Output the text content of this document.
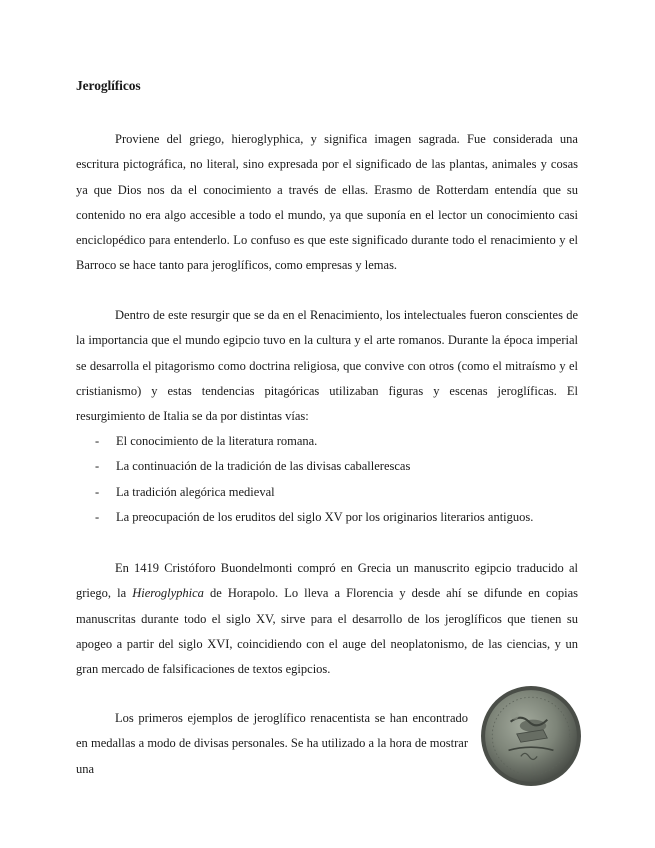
Jeroglíficos

Proviene del griego, hieroglyphica, y significa imagen sagrada. Fue considerada una escritura pictográfica, no literal, sino expresada por el significado de las plantas, animales y cosas ya que Dios nos da el conocimiento a través de ellas. Erasmo de Rotterdam entendía que su contenido no era algo accesible a todo el mundo, ya que suponía en el lector un conocimiento casi enciclopédico para entenderlo. Lo confuso es que este significado durante todo el renacimiento y el Barroco se hace tanto para jeroglíficos, como empresas y lemas.

Dentro de este resurgir que se da en el Renacimiento, los intelectuales fueron conscientes de la importancia que el mundo egipcio tuvo en la cultura y el arte romanos. Durante la época imperial se desarrolla el pitagorismo como doctrina religiosa, que convive con otros (como el mitraísmo y el cristianismo) y estas tendencias pitagóricas utilizaban figuras y escenas jeroglíficas. El resurgimiento de Italia se da por distintas vías:

- El conocimiento de la literatura romana.
- La continuación de la tradición de las divisas caballerescas
- La tradición alegórica medieval
- La preocupación de los eruditos del siglo XV por los originarios literarios antiguos.

En 1419 Cristóforo Buondelmonti compró en Grecia un manuscrito egipcio traducido al griego, la Hieroglyphica de Horapolo. Lo lleva a Florencia y desde ahí se difunde en copias manuscritas durante todo el siglo XV, sirve para el desarrollo de los jeroglíficos que tienen su apogeo a partir del siglo XVI, coincidiendo con el auge del neoplatonismo, de las ciencias, y un gran mercado de falsificaciones de textos egipcios.

Los primeros ejemplos de jeroglífico renacentista se han encontrado en medallas a modo de divisas personales. Se ha utilizado a la hora de mostrar una
